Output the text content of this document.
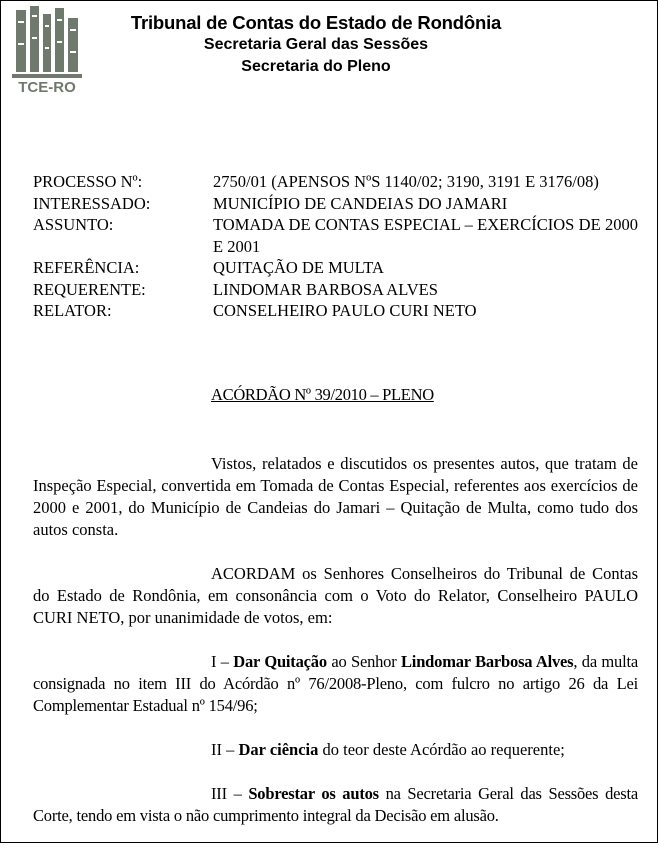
TCE-RO
Tribunal de Contas do Estado de Rondônia
Secretaria Geral das Sessões
Secretaria do Pleno
PROCESSO Nº:	2750/01 (APENSOS NºS 1140/02; 3190, 3191 E 3176/08)
INTERESSADO:	MUNICÍPIO DE CANDEIAS DO JAMARI
ASSUNTO:	TOMADA DE CONTAS ESPECIAL – EXERCÍCIOS DE 2000 E 2001
REFERÊNCIA:	QUITAÇÃO DE MULTA
REQUERENTE:	LINDOMAR BARBOSA ALVES
RELATOR:	CONSELHEIRO PAULO CURI NETO
ACÓRDÃO Nº 39/2010 – PLENO

Vistos, relatados e discutidos os presentes autos, que tratam de Inspeção Especial, convertida em Tomada de Contas Especial, referentes aos exercícios de 2000 e 2001, do Município de Candeias do Jamari – Quitação de Multa, como tudo dos autos consta.

ACORDAM os Senhores Conselheiros do Tribunal de Contas do Estado de Rondônia, em consonância com o Voto do Relator, Conselheiro PAULO CURI NETO, por unanimidade de votos, em:

I – Dar Quitação ao Senhor Lindomar Barbosa Alves, da multa consignada no item III do Acórdão nº 76/2008-Pleno, com fulcro no artigo 26 da Lei Complementar Estadual nº 154/96;

II – Dar ciência do teor deste Acórdão ao requerente;

III – Sobrestar os autos na Secretaria Geral das Sessões desta Corte, tendo em vista o não cumprimento integral da Decisão em alusão.
